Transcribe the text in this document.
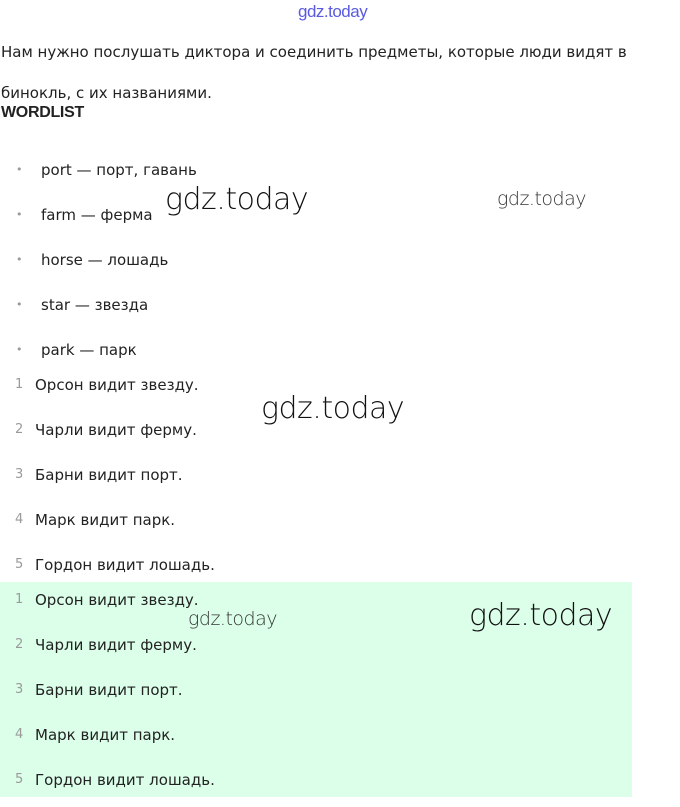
gdz.today

Нам нужно послушать диктора и соединить предметы, которые люди видят в бинокль, с их названиями.

WORDLIST
• port — порт, гавань
• farm — ферма
• horse — лошадь
• star — звезда
• park — парк
1 Орсон видит звезду.
2 Чарли видит ферму.
3 Барни видит порт.
4 Марк видит парк.
5 Гордон видит лошадь.
1 Орсон видит звезду.
2 Чарли видит ферму.
3 Барни видит порт.
4 Марк видит парк.
5 Гордон видит лошадь.
gdz.today	gdz.today
gdz.today
gdz.today	gdz.today
